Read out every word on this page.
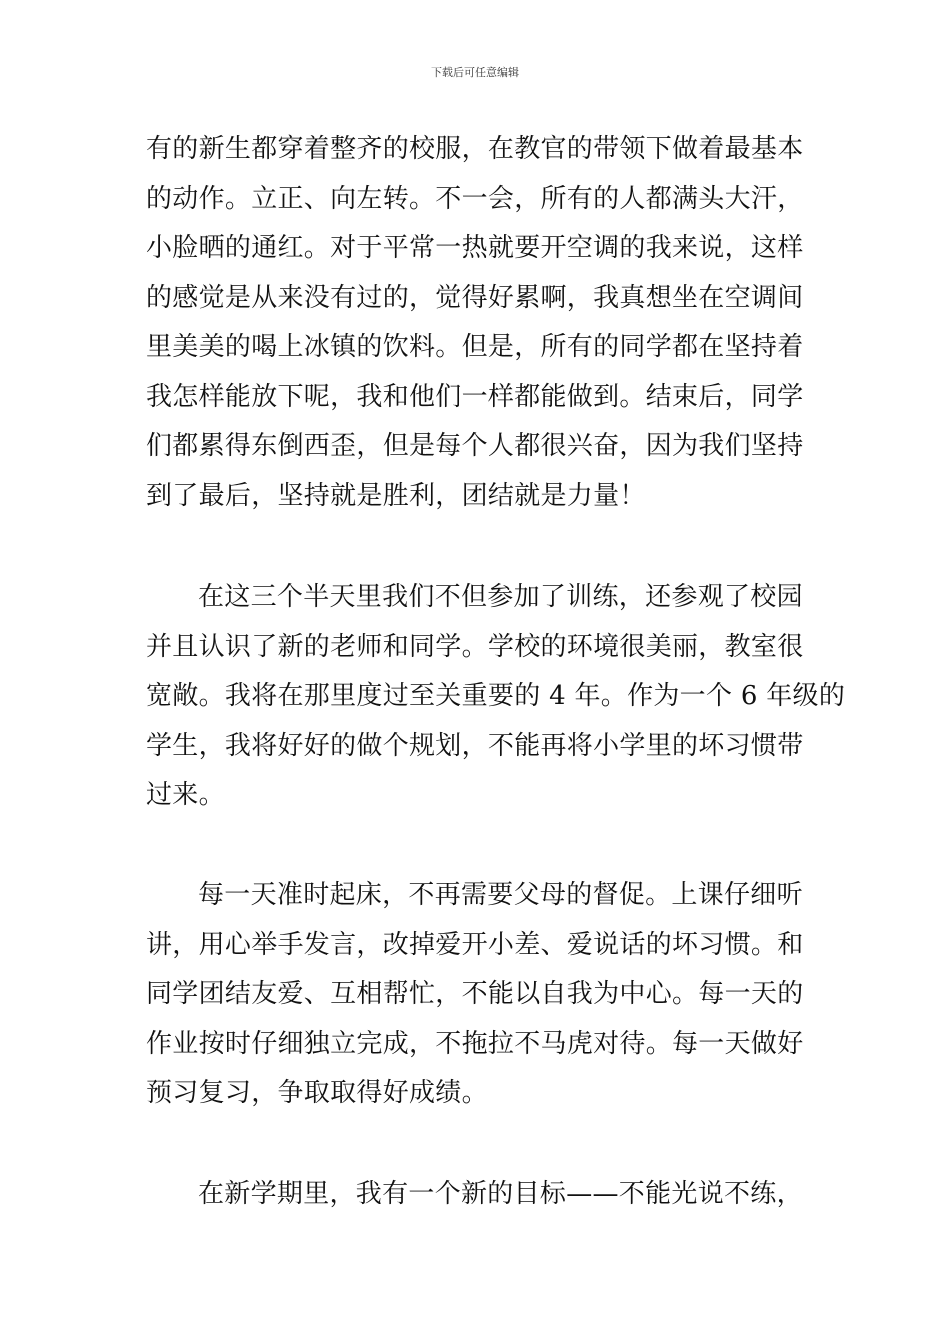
下载后可任意编辑
有的新生都穿着整齐的校服，在教官的带领下做着最基本
的动作。立正、向左转。不一会，所有的人都满头大汗，
小脸晒的通红。对于平常一热就要开空调的我来说，这样
的感觉是从来没有过的，觉得好累啊，我真想坐在空调间
里美美的喝上冰镇的饮料。但是，所有的同学都在坚持着
我怎样能放下呢，我和他们一样都能做到。结束后，同学
们都累得东倒西歪，但是每个人都很兴奋，因为我们坚持
到了最后，坚持就是胜利，团结就是力量！
在这三个半天里我们不但参加了训练，还参观了校园
并且认识了新的老师和同学。学校的环境很美丽，教室很
宽敞。我将在那里度过至关重要的 4 年。作为一个 6 年级的
学生，我将好好的做个规划，不能再将小学里的坏习惯带
过来。
每一天准时起床，不再需要父母的督促。上课仔细听
讲，用心举手发言，改掉爱开小差、爱说话的坏习惯。和
同学团结友爱、互相帮忙，不能以自我为中心。每一天的
作业按时仔细独立完成，不拖拉不马虎对待。每一天做好
预习复习，争取取得好成绩。
在新学期里，我有一个新的目标——不能光说不练，
